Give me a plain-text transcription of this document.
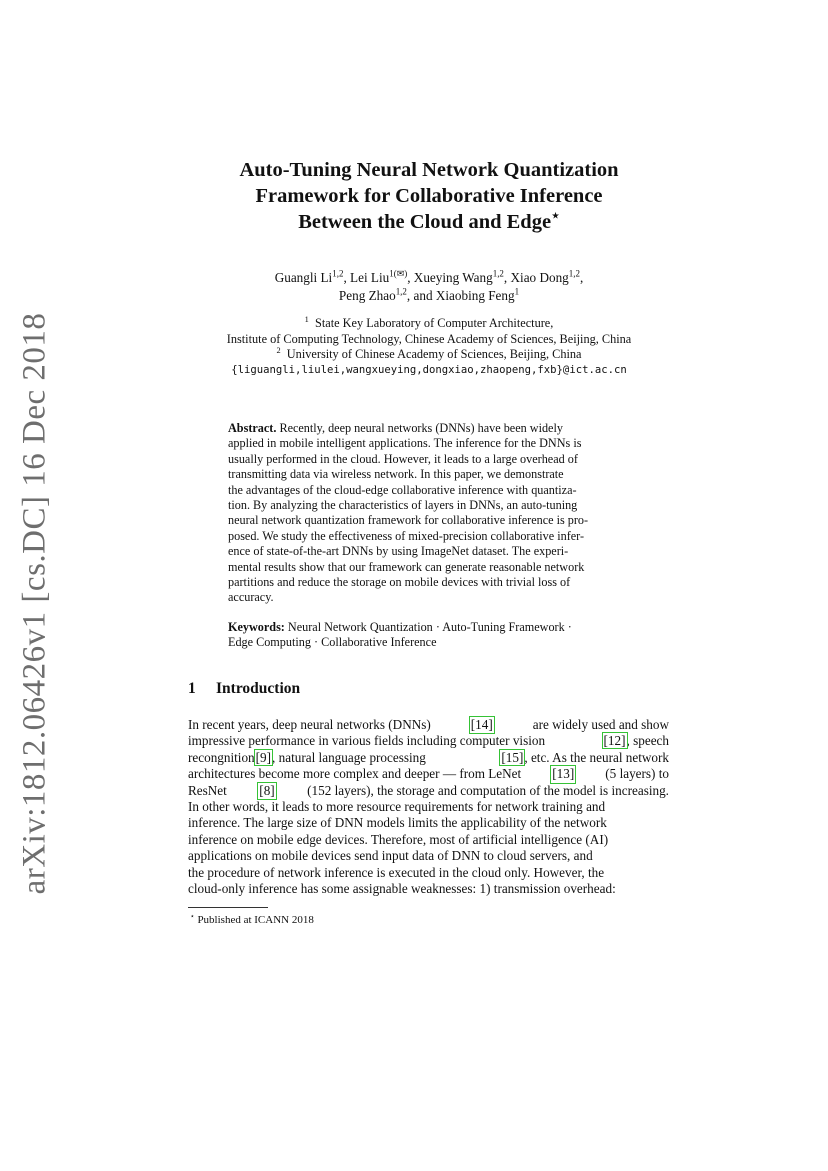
arXiv:1812.06426v1 [cs.DC] 16 Dec 2018
Auto-Tuning Neural Network Quantization
Framework for Collaborative Inference
Between the Cloud and Edge⋆
Guangli Li$^{1,2}$, Lei Liu$^{1(✉)}$, Xueying Wang$^{1,2}$, Xiao Dong$^{1,2}$,
Peng Zhao$^{1,2}$, and Xiaobing Feng$^1$
$^1$ State Key Laboratory of Computer Architecture,
Institute of Computing Technology, Chinese Academy of Sciences, Beijing, China
$^2$ University of Chinese Academy of Sciences, Beijing, China
{liguangli,liulei,wangxueying,dongxiao,zhaopeng,fxb}@ict.ac.cn
Abstract. Recently, deep neural networks (DNNs) have been widely
applied in mobile intelligent applications. The inference for the DNNs is
usually performed in the cloud. However, it leads to a large overhead of
transmitting data via wireless network. In this paper, we demonstrate
the advantages of the cloud-edge collaborative inference with quantiza-
tion. By analyzing the characteristics of layers in DNNs, an auto-tuning
neural network quantization framework for collaborative inference is pro-
posed. We study the effectiveness of mixed-precision collaborative infer-
ence of state-of-the-art DNNs by using ImageNet dataset. The experi-
mental results show that our framework can generate reasonable network
partitions and reduce the storage on mobile devices with trivial loss of
accuracy.
Keywords: Neural Network Quantization · Auto-Tuning Framework ·
Edge Computing · Collaborative Inference
1 Introduction
In recent years, deep neural networks (DNNs)	[14]	are widely used and show
impressive performance in various fields including computer vision	[12], speech
recongnition[9], natural language processing	[15], etc. As the neural network
architectures become more complex and deeper — from LeNet [13] (5 layers) to
ResNet [8] (152 layers), the storage and computation of the model is increasing.
In other words, it leads to more resource requirements for network training and
inference. The large size of DNN models limits the applicability of the network
inference on mobile edge devices. Therefore, most of artificial intelligence (AI)
applications on mobile devices send input data of DNN to cloud servers, and
the procedure of network inference is executed in the cloud only. However, the
cloud-only inference has some assignable weaknesses: 1) transmission overhead:
⋆ Published at ICANN 2018
